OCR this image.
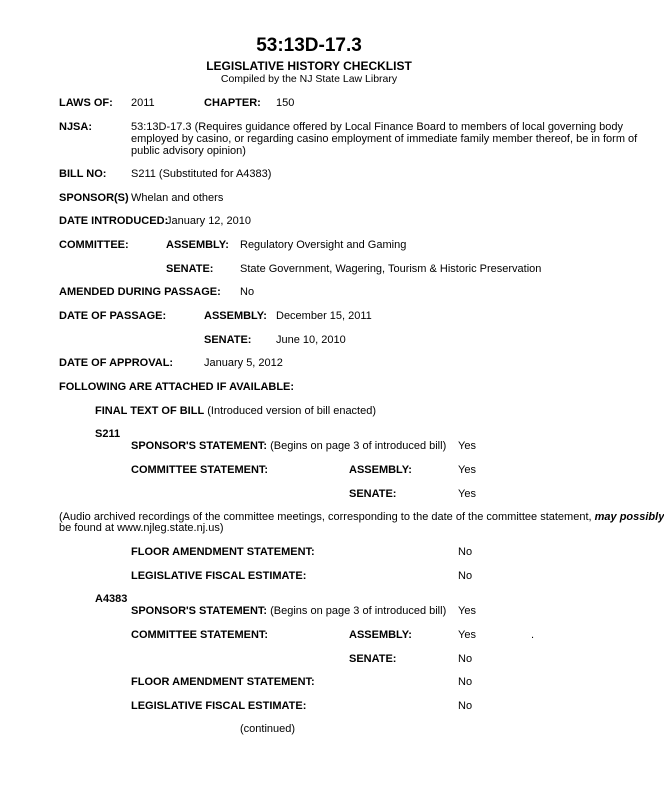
53:13D-17.3
LEGISLATIVE HISTORY CHECKLIST
Compiled by the NJ State Law Library
LAWS OF: 2011	CHAPTER: 150
NJSA:	53:13D-17.3 (Requires guidance offered by Local Finance Board to members of local governing body
employed by casino, or regarding casino employment of immediate family member thereof, be in form of
public advisory opinion)
BILL NO: S211 (Substituted for A4383)
SPONSOR(S) Whelan and others
DATE INTRODUCED:
January 12, 2010
COMMITTEE:	ASSEMBLY: Regulatory Oversight and Gaming
SENATE: State Government, Wagering, Tourism & Historic Preservation
AMENDED DURING PASSAGE: No
DATE OF PASSAGE:	ASSEMBLY: December 15, 2011
SENATE: June 10, 2010
DATE OF APPROVAL:	January 5, 2012
FOLLOWING ARE ATTACHED IF AVAILABLE:
FINAL TEXT OF BILL (Introduced version of bill enacted)
S211
SPONSOR'S STATEMENT: (Begins on page 3 of introduced bill) Yes
COMMITTEE STATEMENT:	ASSEMBLY:	Yes
SENATE:	Yes
(Audio archived recordings of the committee meetings, corresponding to the date of the committee statement, may possibly
be found at www.njleg.state.nj.us)
FLOOR AMENDMENT STATEMENT:	No
LEGISLATIVE FISCAL ESTIMATE:	No
A4383
SPONSOR'S STATEMENT: (Begins on page 3 of introduced bill) Yes
COMMITTEE STATEMENT:	ASSEMBLY:	Yes	.
SENATE:	No
FLOOR AMENDMENT STATEMENT:	No
LEGISLATIVE FISCAL ESTIMATE:	No
(continued)
